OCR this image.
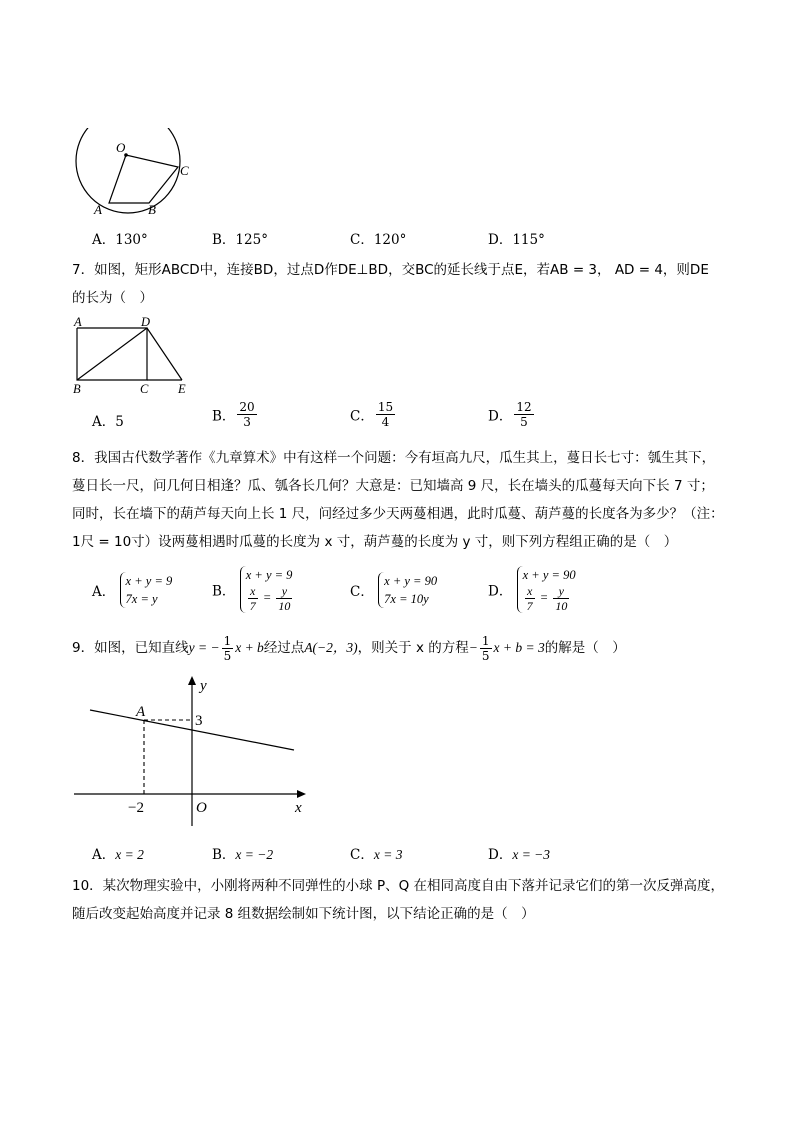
O
A	B
C
A．130°	B．125°	C．120°	D．115°
7．如图，矩形ABCD中，连接BD，过点D作DE⊥BD，交BC的延长线于点E，若AB = 3， AD = 4，则DE
的长为（　）
A	D
B	C E
A．5	B． $\frac{20}{3}$	C． $\frac{15}{4}$	D． $\frac{12}{5}$
8．我国古代数学著作《九章算术》中有这样一个问题：今有垣高九尺，瓜生其上，蔓日长七寸：瓠生其下，
蔓日长一尺，问几何日相逢？瓜、瓠各长几何？大意是：已知墙高 9 尺，长在墙头的瓜蔓每天向下长 7 寸；
同时，长在墙下的葫芦每天向上长 1 尺，问经过多少天两蔓相遇，此时瓜蔓、葫芦蔓的长度各为多少？（注：
1尺 = 10寸）设两蔓相遇时瓜蔓的长度为 x 寸，葫芦蔓的长度为 y 寸，则下列方程组正确的是（　）
A．
x + y = 9
7x = y	B．
x + y = 9
$\frac{x}{7} = \frac{y}{10}$	C．
x + y = 90
7x = 10y	D．
x + y = 90
$\frac{x}{7} = \frac{y}{10}$
9．如图，已知直线y = − $\frac{1}{5}$ x + b经过点A(−2，3)，则关于 x 的方程− $\frac{1}{5}$ x + b = 3的解是（　）
y
A
3
−2	O	x
A．x = 2	B．x = −2	C．x = 3	D．x = −3
10．某次物理实验中，小刚将两种不同弹性的小球 P、Q 在相同高度自由下落并记录它们的第一次反弹高度，
随后改变起始高度并记录 8 组数据绘制如下统计图，以下结论正确的是（　）
